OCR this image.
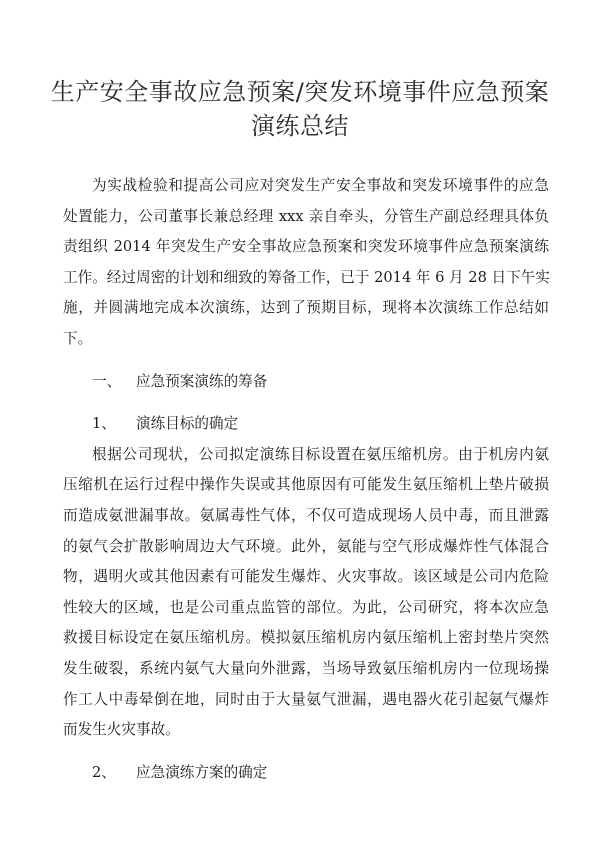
生产安全事故应急预案/突发环境事件应急预案
演练总结
为实战检验和提高公司应对突发生产安全事故和突发环境事件的应急
处置能力，公司董事长兼总经理 xxx 亲自牵头，分管生产副总经理具体负
责组织 2014 年突发生产安全事故应急预案和突发环境事件应急预案演练
工作。经过周密的计划和细致的筹备工作，已于 2014 年 6 月 28 日下午实
施，并圆满地完成本次演练，达到了预期目标，现将本次演练工作总结如
下。
一、 应急预案演练的筹备
1、 演练目标的确定
根据公司现状，公司拟定演练目标设置在氨压缩机房。由于机房内氨
压缩机在运行过程中操作失误或其他原因有可能发生氨压缩机上垫片破损
而造成氨泄漏事故。氨属毒性气体，不仅可造成现场人员中毒，而且泄露
的氨气会扩散影响周边大气环境。此外，氨能与空气形成爆炸性气体混合
物，遇明火或其他因素有可能发生爆炸、火灾事故。该区域是公司内危险
性较大的区域，也是公司重点监管的部位。为此，公司研究，将本次应急
救援目标设定在氨压缩机房。模拟氨压缩机房内氨压缩机上密封垫片突然
发生破裂，系统内氨气大量向外泄露，当场导致氨压缩机房内一位现场操
作工人中毒晕倒在地，同时由于大量氨气泄漏，遇电器火花引起氨气爆炸
而发生火灾事故。
2、 应急演练方案的确定
